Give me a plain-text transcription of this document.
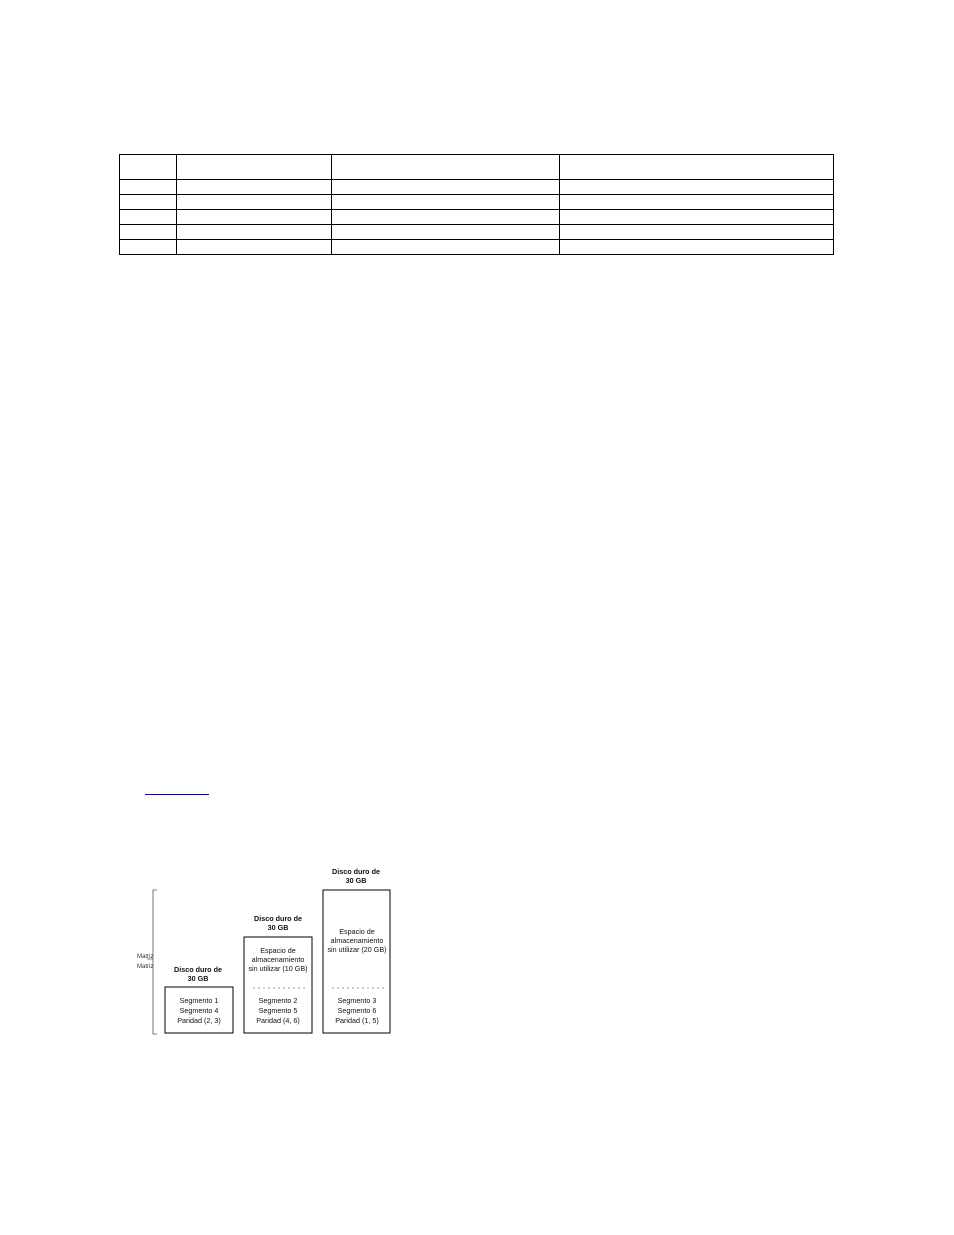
Matriz
Matriz	Disco duro de
30 GB
Segmento 1
Segmento 4
Paridad (2, 3)
Disco duro de
30 GB
Espacio de
almacenamiento
sin utilizar (10 GB)
Segmento 2
Segmento 5
Paridad (4, 6)
Disco duro de
30 GB
Espacio de
almacenamiento
sin utilizar (20 GB)
Segmento 3
Segmento 6
Paridad (1, 5)
